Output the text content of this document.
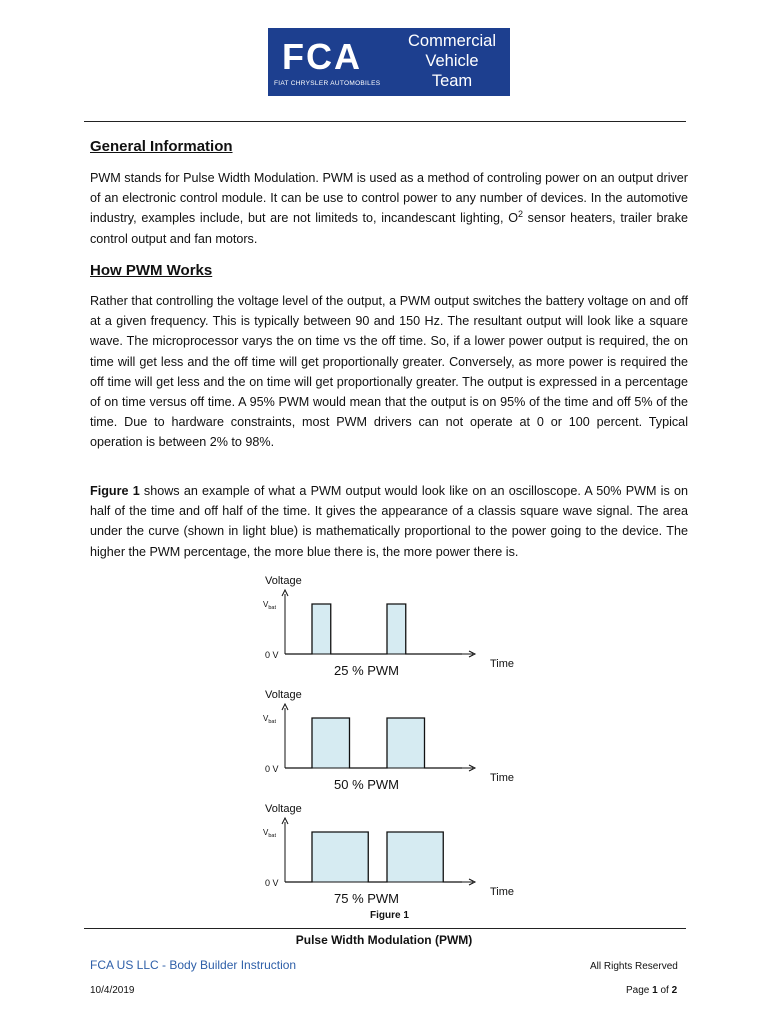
FCA
FIAT CHRYSLER AUTOMOBILES
Commercial
Vehicle
Team
General Information

PWM stands for Pulse Width Modulation. PWM is used as a method of controling power on an output driver of an electronic control module. It can be use to control power to any number of devices. In the automotive industry, examples include, but are not limiteds to, incandescant lighting, $O^2$ sensor heaters, trailer brake control output and fan motors.

How PWM Works

Rather that controlling the voltage level of the output, a PWM output switches the battery voltage on and off at a given frequency. This is typically between 90 and 150 Hz. The resultant output will look like a square wave. The microprocessor varys the on time vs the off time. So, if a lower power output is required, the on time will get less and the off time will get proportionally greater. Conversely, as more power is required the off time will get less and the on time will get proportionally greater. The output is expressed in a percentage of on time versus off time. A 95% PWM would mean that the output is on 95% of the time and off 5% of the time. Due to hardware constraints, most PWM drivers can not operate at 0 or 100 percent. Typical operation is between 2% to 98%.

Figure 1 shows an example of what a PWM output would look like on an oscilloscope. A 50% PWM is on half of the time and off half of the time. It gives the appearance of a classis square wave signal. The area under the curve (shown in light blue) is mathematically proportional to the power going to the device. The higher the PWM percentage, the more blue there is, the more power there is.

Voltage
$V_{bat}$
0 V
Time
25 % PWM
Voltage
$V_{bat}$
0 V
Time
50 % PWM
Voltage
$V_{bat}$
0 V
Time
75 % PWM
Figure 1
Pulse Width Modulation (PWM)
FCA US LLC - Body Builder Instruction	All Rights Reserved
10/4/2019	Page 1 of 2
